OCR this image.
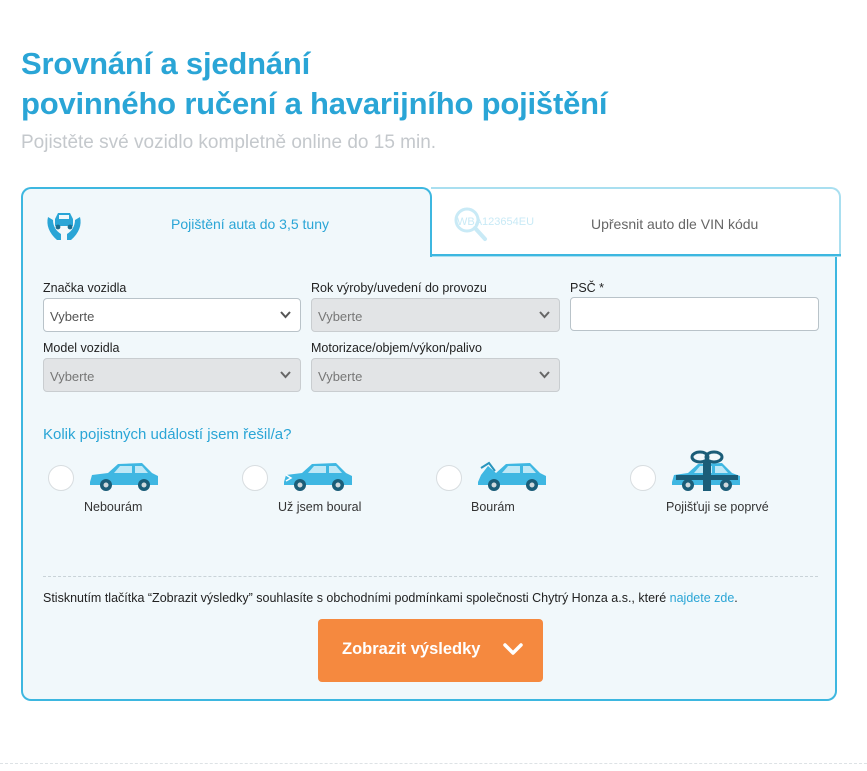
Srovnání a sjednání
povinného ručení a havarijního pojištění
Pojistěte své vozidlo kompletně online do 15 min.
Pojištění auta do 3,5 tuny	WBA123654EU	Upřesnit auto dle VIN kódu
Značka vozidla
Vyberte
Rok výroby/uvedení do provozu
Vyberte
PSČ *
Model vozidla
Vyberte
Motorizace/objem/výkon/palivo
Vyberte
Kolik pojistných událostí jsem řešil/a?
Nebourám	Už jsem boural	Bourám	Pojišťuji se poprvé
Stisknutím tlačítka “Zobrazit výsledky” souhlasíte s obchodními podmínkami společnosti Chytrý Honza a.s., které najdete zde.
Zobrazit výsledky
